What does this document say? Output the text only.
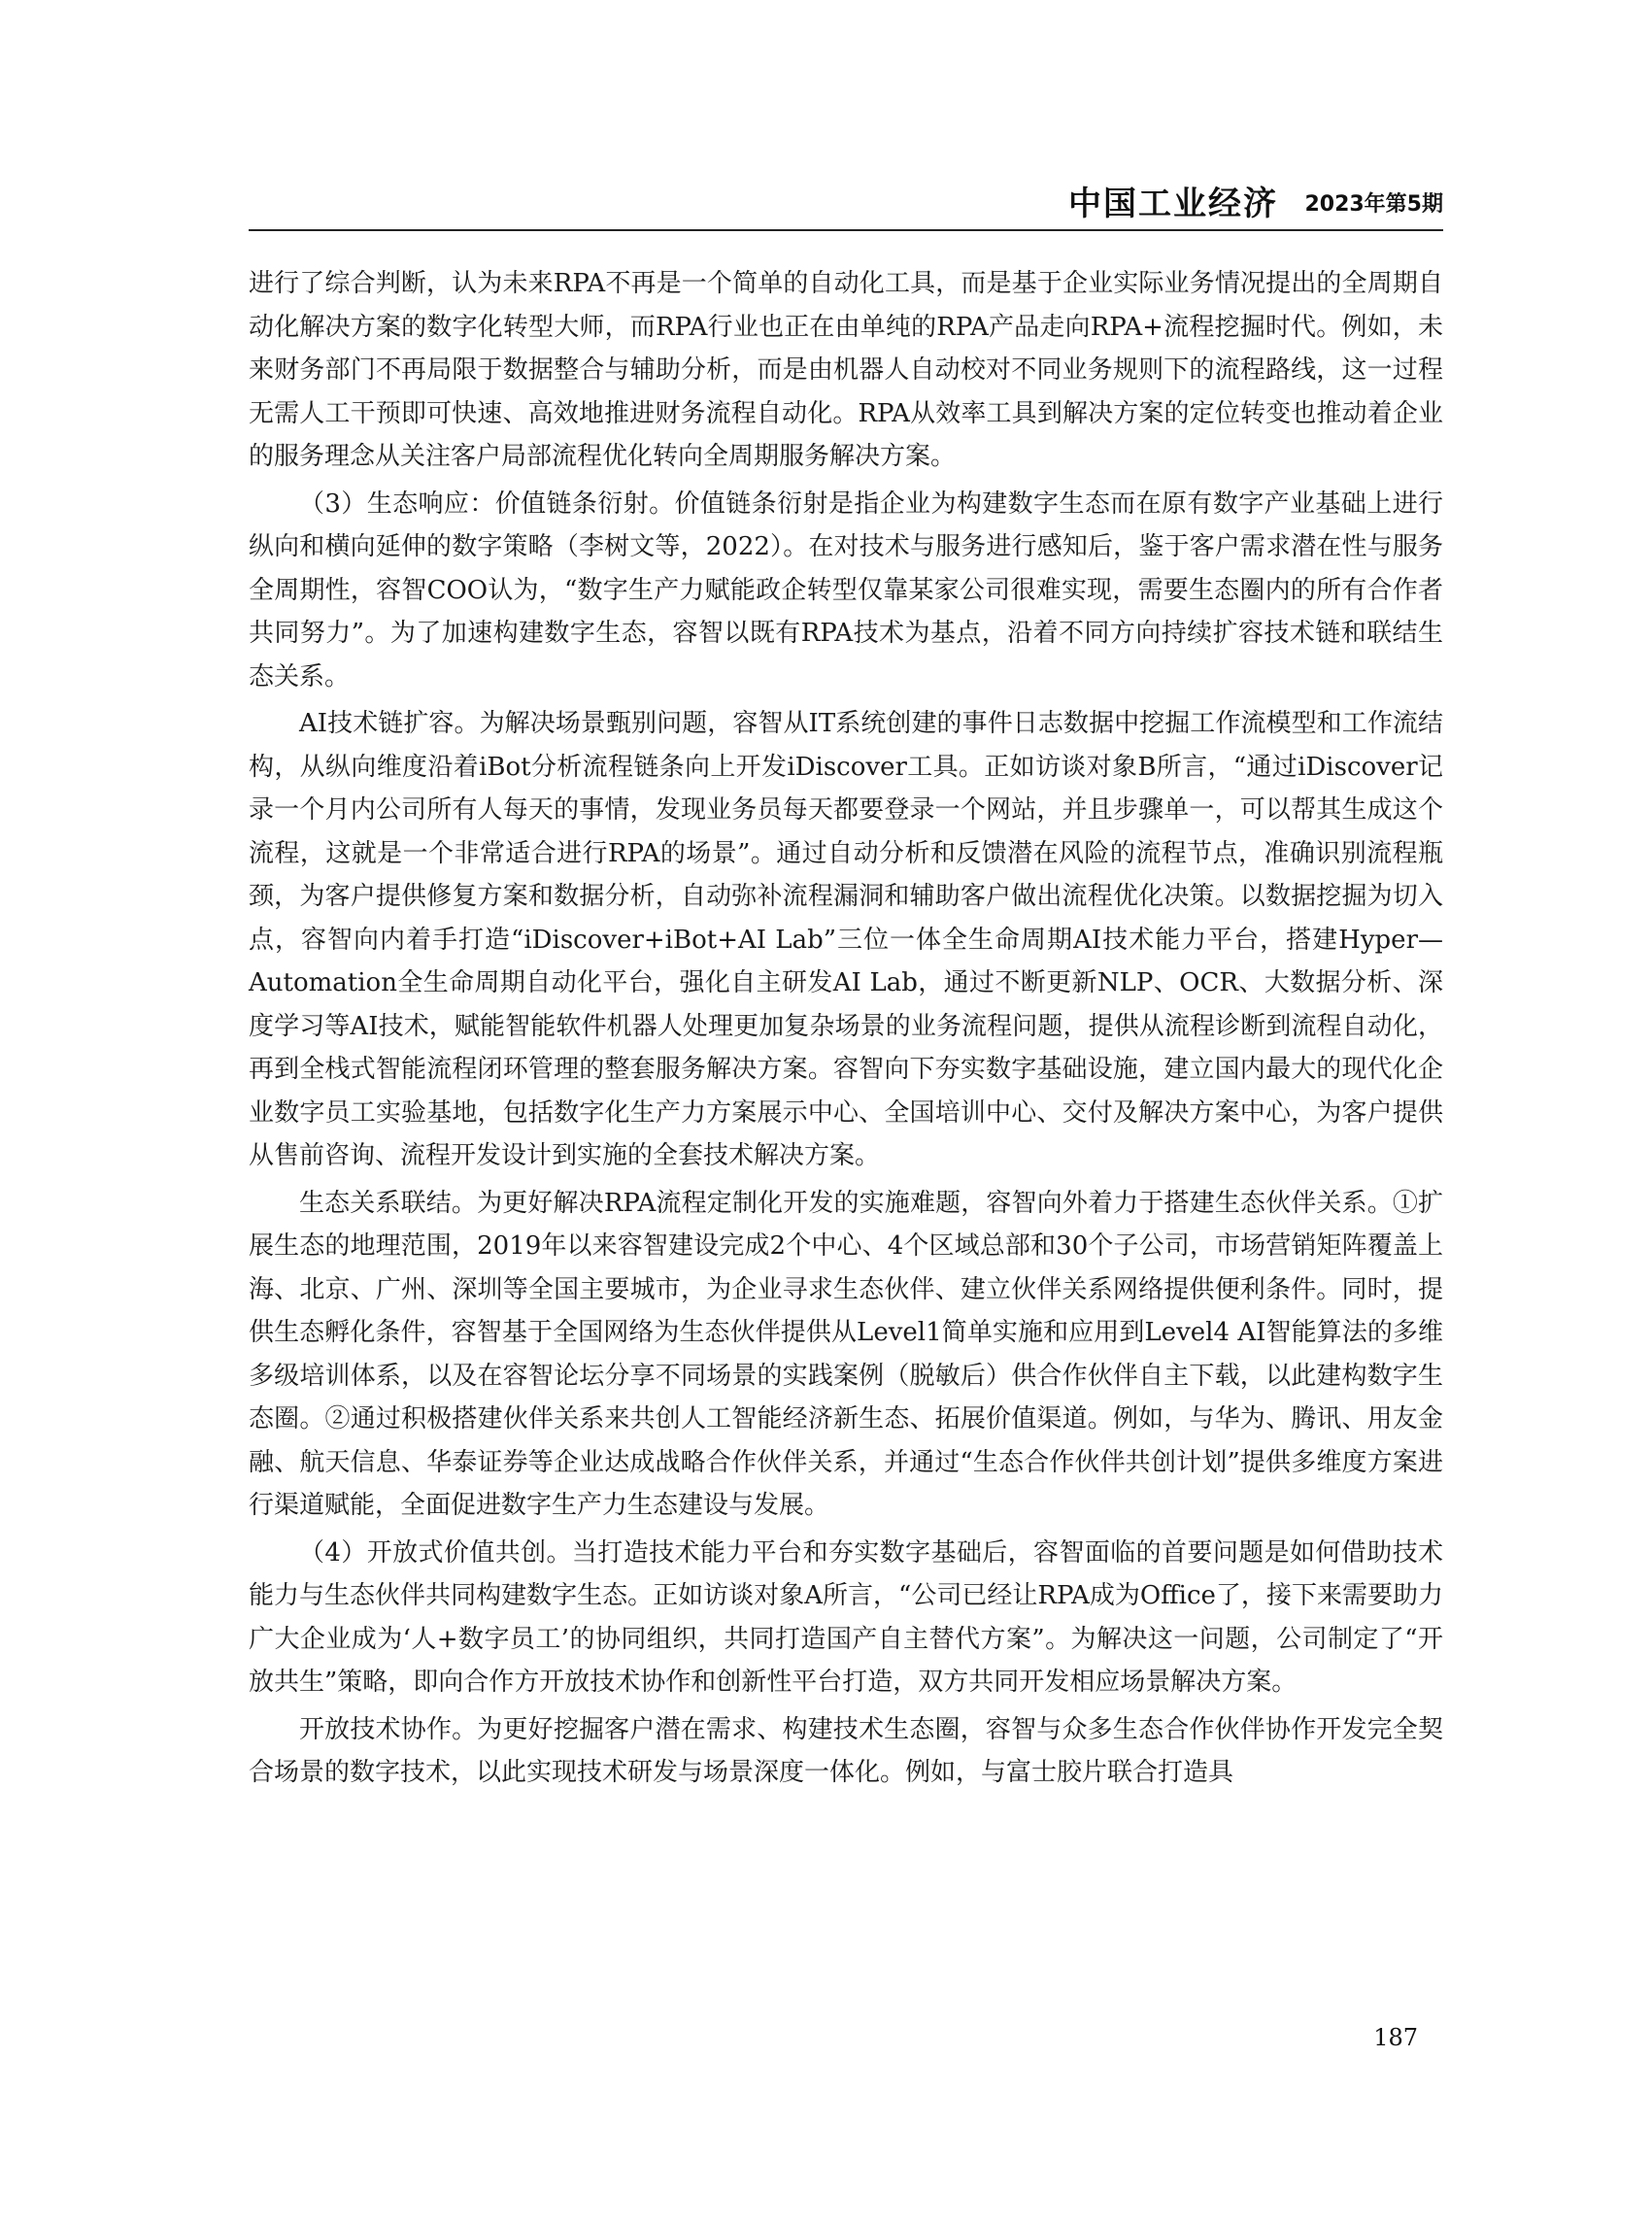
中国工业经济 2023年第5期

进行了综合判断，认为未来RPA不再是一个简单的自动化工具，而是基于企业实际业务情况提出的全周期自动化解决方案的数字化转型大师，而RPA行业也正在由单纯的RPA产品走向RPA+流程挖掘时代。例如，未来财务部门不再局限于数据整合与辅助分析，而是由机器人自动校对不同业务规则下的流程路线，这一过程无需人工干预即可快速、高效地推进财务流程自动化。RPA从效率工具到解决方案的定位转变也推动着企业的服务理念从关注客户局部流程优化转向全周期服务解决方案。

（3）生态响应：价值链条衍射。价值链条衍射是指企业为构建数字生态而在原有数字产业基础上进行纵向和横向延伸的数字策略（李树文等，2022）。在对技术与服务进行感知后，鉴于客户需求潜在性与服务全周期性，容智COO认为，“数字生产力赋能政企转型仅靠某家公司很难实现，需要生态圈内的所有合作者共同努力”。为了加速构建数字生态，容智以既有RPA技术为基点，沿着不同方向持续扩容技术链和联结生态关系。

AI技术链扩容。为解决场景甄别问题，容智从IT系统创建的事件日志数据中挖掘工作流模型和工作流结构，从纵向维度沿着iBot分析流程链条向上开发iDiscover工具。正如访谈对象B所言，“通过iDiscover记录一个月内公司所有人每天的事情，发现业务员每天都要登录一个网站，并且步骤单一，可以帮其生成这个流程，这就是一个非常适合进行RPA的场景”。通过自动分析和反馈潜在风险的流程节点，准确识别流程瓶颈，为客户提供修复方案和数据分析，自动弥补流程漏洞和辅助客户做出流程优化决策。以数据挖掘为切入点，容智向内着手打造“iDiscover+iBot+AI Lab”三位一体全生命周期AI技术能力平台，搭建Hyper—Automation全生命周期自动化平台，强化自主研发AI Lab，通过不断更新NLP、OCR、大数据分析、深度学习等AI技术，赋能智能软件机器人处理更加复杂场景的业务流程问题，提供从流程诊断到流程自动化，再到全栈式智能流程闭环管理的整套服务解决方案。容智向下夯实数字基础设施，建立国内最大的现代化企业数字员工实验基地，包括数字化生产力方案展示中心、全国培训中心、交付及解决方案中心，为客户提供从售前咨询、流程开发设计到实施的全套技术解决方案。

生态关系联结。为更好解决RPA流程定制化开发的实施难题，容智向外着力于搭建生态伙伴关系。①扩展生态的地理范围，2019年以来容智建设完成2个中心、4个区域总部和30个子公司，市场营销矩阵覆盖上海、北京、广州、深圳等全国主要城市，为企业寻求生态伙伴、建立伙伴关系网络提供便利条件。同时，提供生态孵化条件，容智基于全国网络为生态伙伴提供从Level1简单实施和应用到Level4 AI智能算法的多维多级培训体系，以及在容智论坛分享不同场景的实践案例（脱敏后）供合作伙伴自主下载，以此建构数字生态圈。②通过积极搭建伙伴关系来共创人工智能经济新生态、拓展价值渠道。例如，与华为、腾讯、用友金融、航天信息、华泰证券等企业达成战略合作伙伴关系，并通过“生态合作伙伴共创计划”提供多维度方案进行渠道赋能，全面促进数字生产力生态建设与发展。

（4）开放式价值共创。当打造技术能力平台和夯实数字基础后，容智面临的首要问题是如何借助技术能力与生态伙伴共同构建数字生态。正如访谈对象A所言，“公司已经让RPA成为Office了，接下来需要助力广大企业成为‘人+数字员工’的协同组织，共同打造国产自主替代方案”。为解决这一问题，公司制定了“开放共生”策略，即向合作方开放技术协作和创新性平台打造，双方共同开发相应场景解决方案。

开放技术协作。为更好挖掘客户潜在需求、构建技术生态圈，容智与众多生态合作伙伴协作开发完全契合场景的数字技术，以此实现技术研发与场景深度一体化。例如，与富士胶片联合打造具

187
